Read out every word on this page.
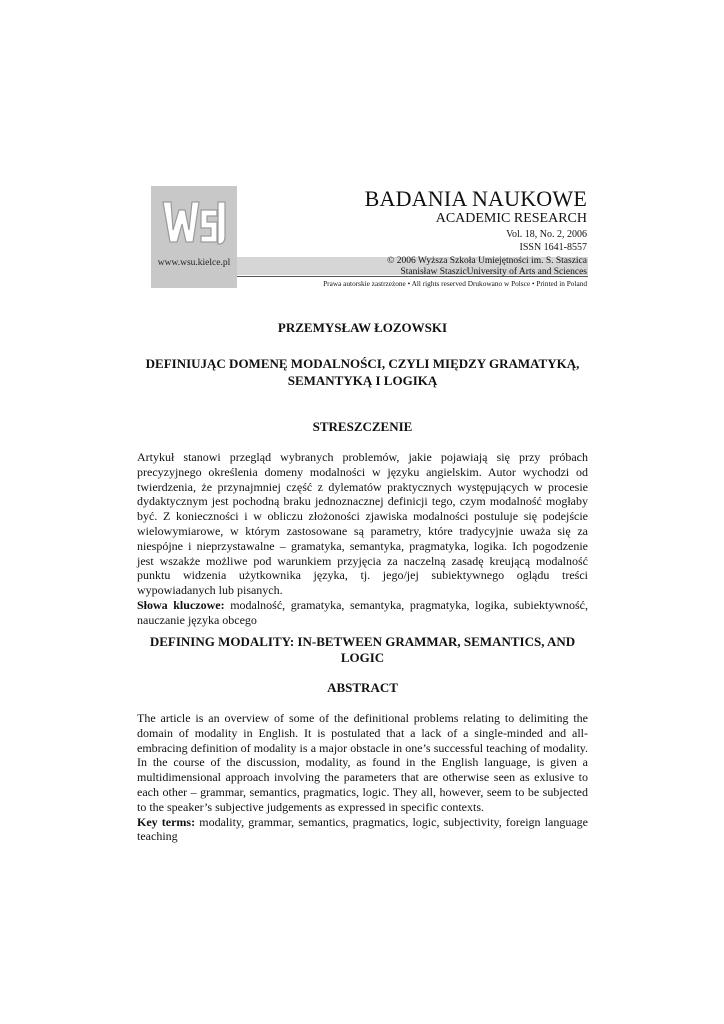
www.wsu.kielce.pl
BADANIA NAUKOWE
ACADEMIC RESEARCH
Vol. 18, No. 2, 2006
ISSN 1641-8557
© 2006 Wyższa Szkoła Umiejętności im. S. Staszica
Stanisław StaszicUniversity of Arts and Sciences
Prawa autorskie zastrzeżone • All rights reserved Drukowano w Polsce • Printed in Poland
PRZEMYSŁAW ŁOZOWSKI
DEFINIUJĄC DOMENĘ MODALNOŚCI, CZYLI MIĘDZY GRAMATYKĄ, SEMANTYKĄ I LOGIKĄ
STRESZCZENIE

Artykuł stanowi przegląd wybranych problemów, jakie pojawiają się przy próbach precyzyjnego określenia domeny modalności w języku angielskim. Autor wychodzi od twierdzenia, że przynajmniej część z dylematów praktycznych występujących w procesie dydaktycznym jest pochodną braku jednoznacznej definicji tego, czym modalność mogłaby być. Z konieczności i w obliczu złożoności zjawiska modalności postuluje się podejście wielowymiarowe, w którym zastosowane są parametry, które tradycyjnie uważa się za niespójne i nieprzystawalne – gramatyka, semantyka, pragmatyka, logika. Ich pogodzenie jest wszakże możliwe pod warunkiem przyjęcia za naczelną zasadę kreującą modalność punktu widzenia użytkownika języka, tj. jego/jej subiektywnego oglądu treści wypowiadanych lub pisanych.

Słowa kluczowe: modalność, gramatyka, semantyka, pragmatyka, logika, subiektywność, nauczanie języka obcego

DEFINING MODALITY: IN-BETWEEN GRAMMAR, SEMANTICS, AND LOGIC
ABSTRACT

The article is an overview of some of the definitional problems relating to delimiting the domain of modality in English. It is postulated that a lack of a single-minded and all-embracing definition of modality is a major obstacle in one’s successful teaching of modality. In the course of the discussion, modality, as found in the English language, is given a multidimensional approach involving the parameters that are otherwise seen as exlusive to each other – grammar, semantics, pragmatics, logic. They all, however, seem to be subjected to the speaker’s subjective judgements as expressed in specific contexts.

Key terms: modality, grammar, semantics, pragmatics, logic, subjectivity, foreign language teaching
